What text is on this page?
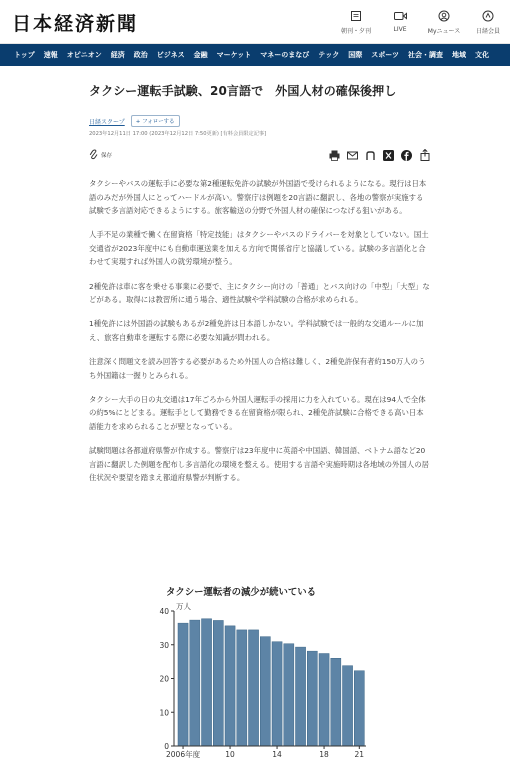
日本経済新聞	朝刊・夕刊	LIVE	Myニュース	日経会員
トップ	速報	オピニオン	経済	政治	ビジネス	金融	マーケット	マネーのまなび	テック	国際	スポーツ	社会・調査	地域	文化
タクシー運転手試験、20言語で　外国人材の確保後押し
日経スクープ	+ フォローする
2023年12月11日 17:00 (2023年12月12日 7:50更新) [有料会員限定記事]
保存

タクシーやバスの運転手に必要な第2種運転免許の試験が外国語で受けられるようになる。現行は日本語のみだが外国人にとってハードルが高い。警察庁は例題を20言語に翻訳し、各地の警察が実施する試験で多言語対応できるようにする。旅客輸送の分野で外国人材の確保につなげる狙いがある。

人手不足の業種で働く在留資格「特定技能」はタクシーやバスのドライバーを対象としていない。国土交通省が2023年度中にも自動車運送業を加える方向で関係省庁と協議している。試験の多言語化と合わせて実現すれば外国人の就労環境が整う。

2種免許は車に客を乗せる事業に必要で、主にタクシー向けの「普通」とバス向けの「中型」「大型」などがある。取得には教習所に通う場合、適性試験や学科試験の合格が求められる。

1種免許には外国語の試験もあるが2種免許は日本語しかない。学科試験では一般的な交通ルールに加え、旅客自動車を運転する際に必要な知識が問われる。

注意深く問題文を読み回答する必要があるため外国人の合格は難しく、2種免許保有者約150万人のうち外国籍は一握りとみられる。

タクシー大手の日の丸交通は17年ごろから外国人運転手の採用に力を入れている。現在は94人で全体の約5%にとどまる。運転手として勤務できる在留資格が限られ、2種免許試験に合格できる高い日本語能力を求められることが壁となっている。

試験問題は各都道府県警が作成する。警察庁は23年度中に英語や中国語、韓国語、ベトナム語など20言語に翻訳した例題を配布し多言語化の環境を整える。使用する言語や実施時期は各地域の外国人の居住状況や要望を踏まえ都道府県警が判断する。

タクシー運転者の減少が続いている
万人
0
10
20
30
40
2006年度	10	14	18	21
